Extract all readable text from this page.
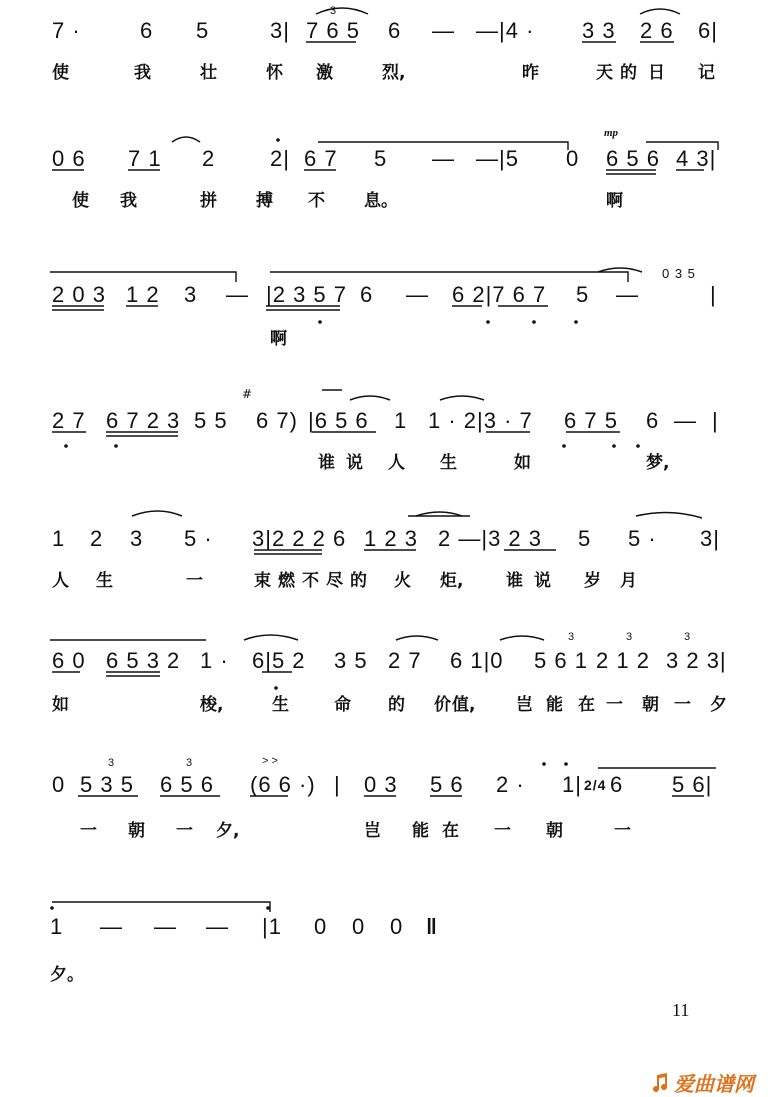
7 ·	6 5	3| 7 6 5 6 — —|4 · 3 3 2 6 6|
使	我	壮	怀 激	烈,	昨	天 的 日 记
0 6 7 1 2 2| 6 7 5 — —|5 0 6 5 6 4 3|
使 我	拼 搏 不 息。	啊
2 0 3 1 2 3 — |2 3 5 7 6 — 6 2|7 6 7 5 —
0 3 5
|
啊
2 7 6 7 2 3 5 5 6 7) |6 5 6 1 1 · 2|3 · 7 6 7 5 6 — |
谁 说 人 生	如	梦,
1 2 3 5 · 3|2 2 2 6 1 2 3 2 —|3 2 3 5 5 · 3|
人 生	一	束 燃 不 尽 的 火 炬,	谁 说 岁 月
6 0 6 5 3 2 1 · 6|5 2 3 5 2 7 6 1|0 5 6 1 2 1 2 3 2 3|
如	梭,	生	命 的 价 值, 岂 能 在 一 朝 一 夕
0 5 3 5 6 5 6 (6 6 ·) | 0 3 5 6 2 · 1| 2/4 6 5 6|
一 朝 一 夕,	岂 能 在 一 朝	一
1 — — — |1 0 0 0 ‖
夕。
3
3	3	3
3	3
mp
#
> >
11
爱曲谱网
